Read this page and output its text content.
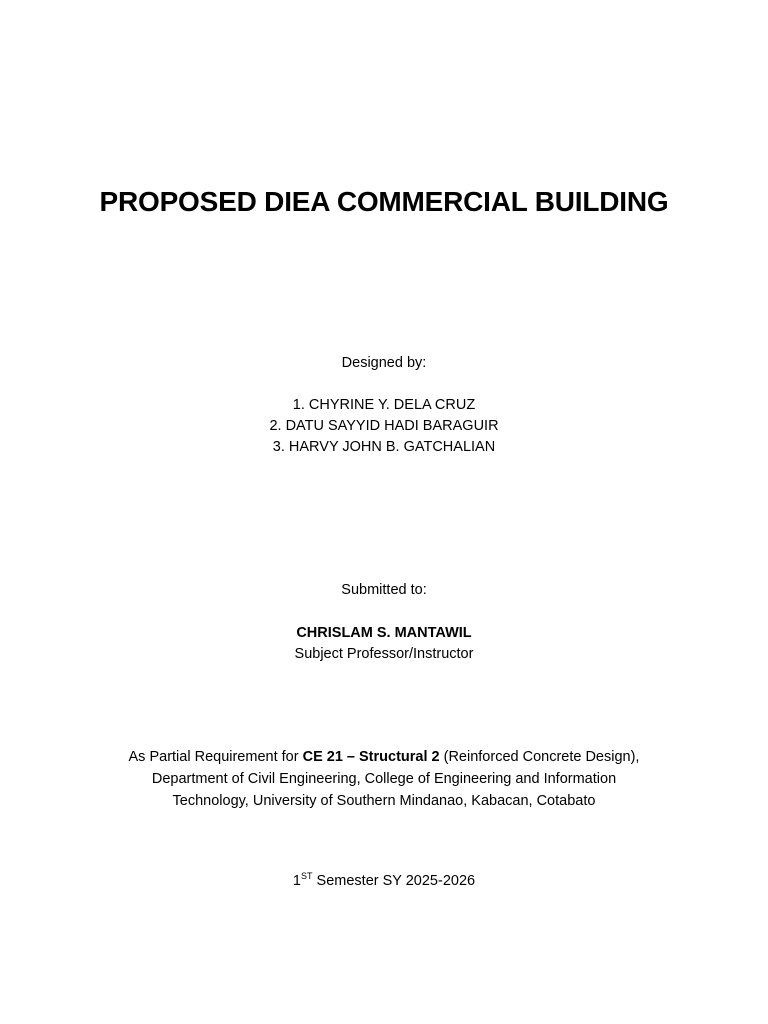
PROPOSED DIEA COMMERCIAL BUILDING
Designed by:
1. CHYRINE Y. DELA CRUZ
2. DATU SAYYID HADI BARAGUIR
3. HARVY JOHN B. GATCHALIAN
Submitted to:
CHRISLAM S. MANTAWIL
Subject Professor/Instructor
As Partial Requirement for CE 21 – Structural 2 (Reinforced Concrete Design),
Department of Civil Engineering, College of Engineering and Information
Technology, University of Southern Mindanao, Kabacan, Cotabato
1ST Semester SY 2025-2026
